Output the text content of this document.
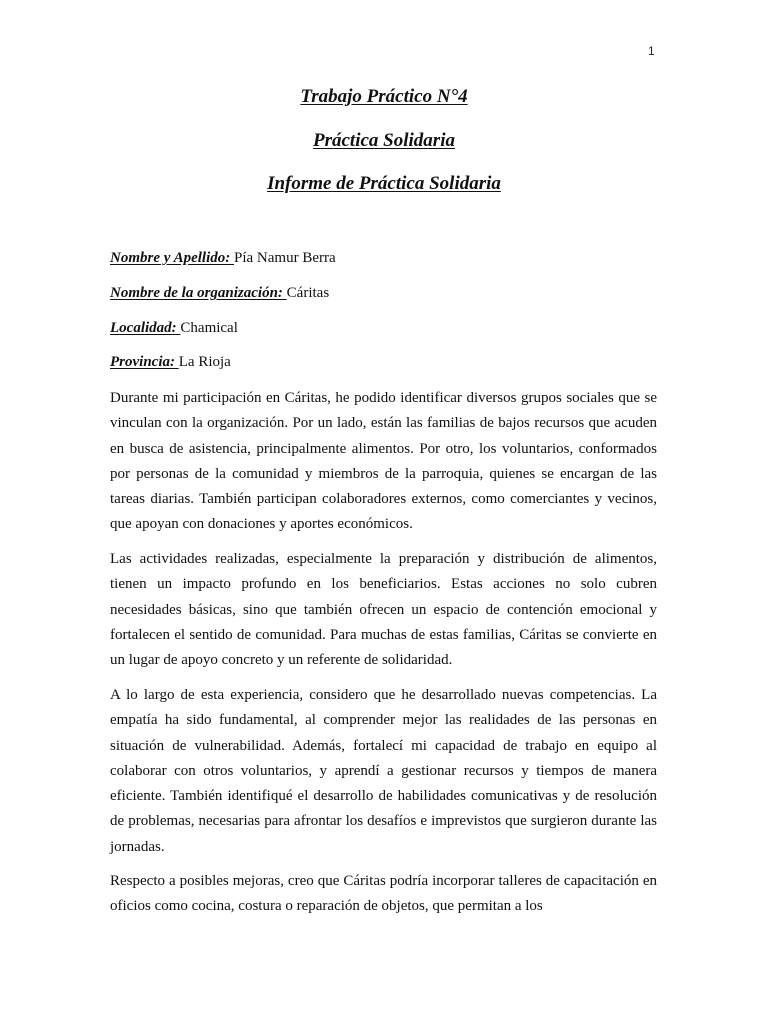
1
Trabajo Práctico N°4
Práctica Solidaria
Informe de Práctica Solidaria
Nombre y Apellido: Pía Namur Berra
Nombre de la organización: Cáritas
Localidad: Chamical
Provincia: La Rioja

Durante mi participación en Cáritas, he podido identificar diversos grupos sociales que se vinculan con la organización. Por un lado, están las familias de bajos recursos que acuden en busca de asistencia, principalmente alimentos. Por otro, los voluntarios, conformados por personas de la comunidad y miembros de la parroquia, quienes se encargan de las tareas diarias. También participan colaboradores externos, como comerciantes y vecinos, que apoyan con donaciones y aportes económicos.

Las actividades realizadas, especialmente la preparación y distribución de alimentos, tienen un impacto profundo en los beneficiarios. Estas acciones no solo cubren necesidades básicas, sino que también ofrecen un espacio de contención emocional y fortalecen el sentido de comunidad. Para muchas de estas familias, Cáritas se convierte en un lugar de apoyo concreto y un referente de solidaridad.

A lo largo de esta experiencia, considero que he desarrollado nuevas competencias. La empatía ha sido fundamental, al comprender mejor las realidades de las personas en situación de vulnerabilidad. Además, fortalecí mi capacidad de trabajo en equipo al colaborar con otros voluntarios, y aprendí a gestionar recursos y tiempos de manera eficiente. También identifiqué el desarrollo de habilidades comunicativas y de resolución de problemas, necesarias para afrontar los desafíos e imprevistos que surgieron durante las jornadas.

Respecto a posibles mejoras, creo que Cáritas podría incorporar talleres de capacitación en oficios como cocina, costura o reparación de objetos, que permitan a los
